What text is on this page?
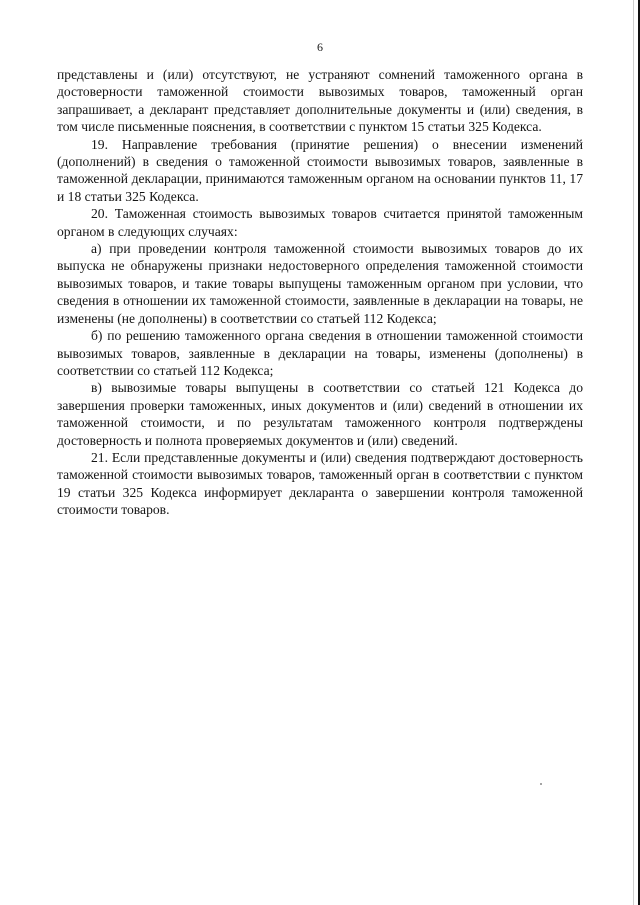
6

представлены и (или) отсутствуют, не устраняют сомнений таможенного органа в достоверности таможенной стоимости вывозимых товаров, таможенный орган запрашивает, а декларант представляет дополнительные документы и (или) сведения, в том числе письменные пояснения, в соответствии с пунктом 15 статьи 325 Кодекса.

19. Направление требования (принятие решения) о внесении изменений (дополнений) в сведения о таможенной стоимости вывозимых товаров, заявленные в таможенной декларации, принимаются таможенным органом на основании пунктов 11, 17 и 18 статьи 325 Кодекса.

20. Таможенная стоимость вывозимых товаров считается принятой таможенным органом в следующих случаях:

а) при проведении контроля таможенной стоимости вывозимых товаров до их выпуска не обнаружены признаки недостоверного определения таможенной стоимости вывозимых товаров, и такие товары выпущены таможенным органом при условии, что сведения в отношении их таможенной стоимости, заявленные в декларации на товары, не изменены (не дополнены) в соответствии со статьей 112 Кодекса;

б) по решению таможенного органа сведения в отношении таможенной стоимости вывозимых товаров, заявленные в декларации на товары, изменены (дополнены) в соответствии со статьей 112 Кодекса;

в) вывозимые товары выпущены в соответствии со статьей 121 Кодекса до завершения проверки таможенных, иных документов и (или) сведений в отношении их таможенной стоимости, и по результатам таможенного контроля подтверждены достоверность и полнота проверяемых документов и (или) сведений.

21. Если представленные документы и (или) сведения подтверждают достоверность таможенной стоимости вывозимых товаров, таможенный орган в соответствии с пунктом 19 статьи 325 Кодекса информирует декларанта о завершении контроля таможенной стоимости товаров.
